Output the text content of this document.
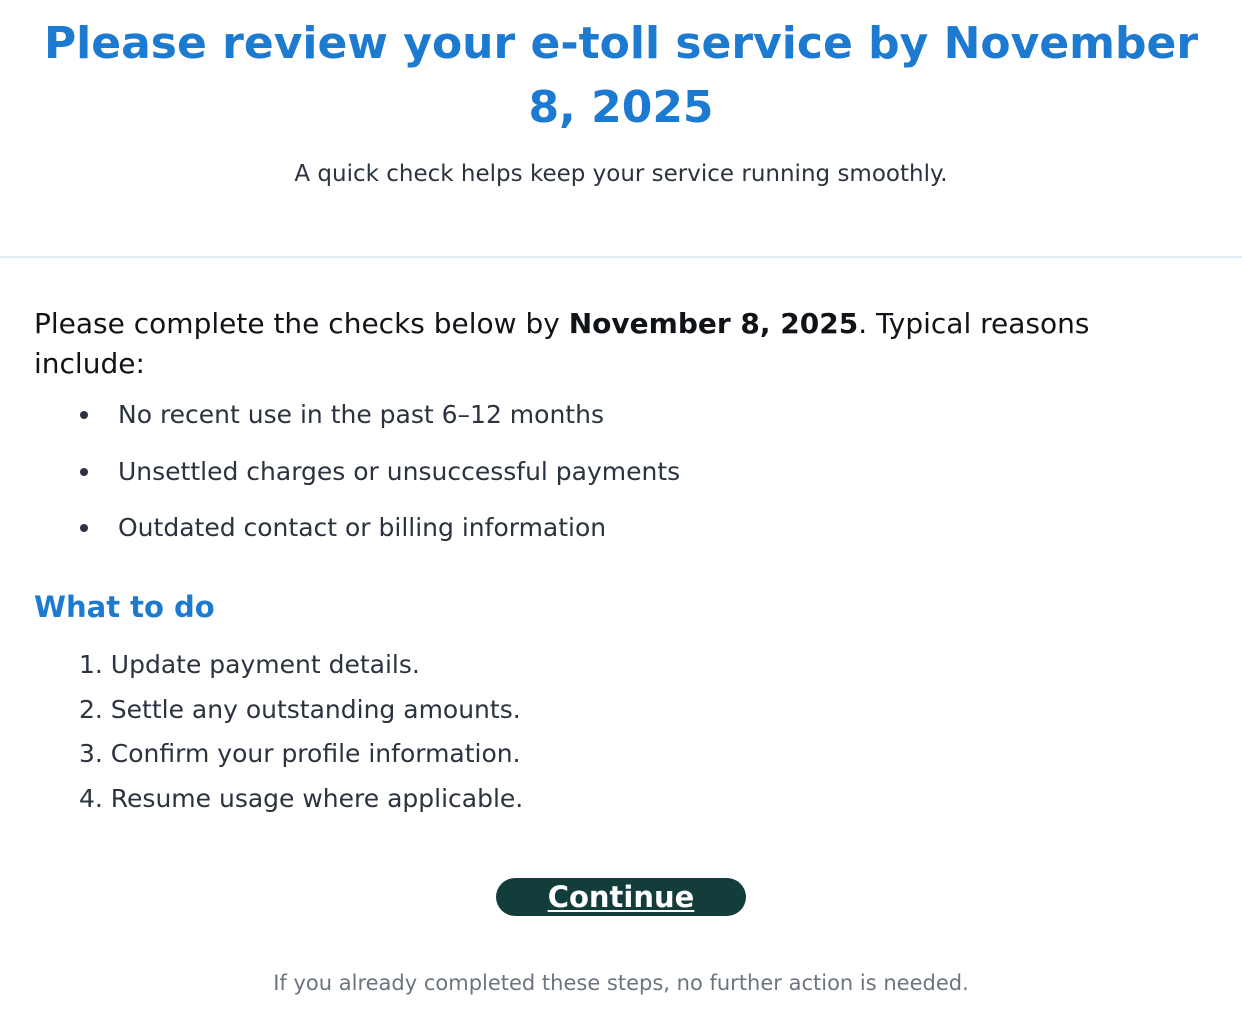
Please review your e-toll service by November 8, 2025

A quick check helps keep your service running smoothly.

Please complete the checks below by November 8, 2025. Typical reasons include:

No recent use in the past 6–12 months
Unsettled charges or unsuccessful payments
Outdated contact or billing information
What to do
1. Update payment details.
2. Settle any outstanding amounts.
3. Confirm your profile information.
4. Resume usage where applicable.
Continue

If you already completed these steps, no further action is needed.
